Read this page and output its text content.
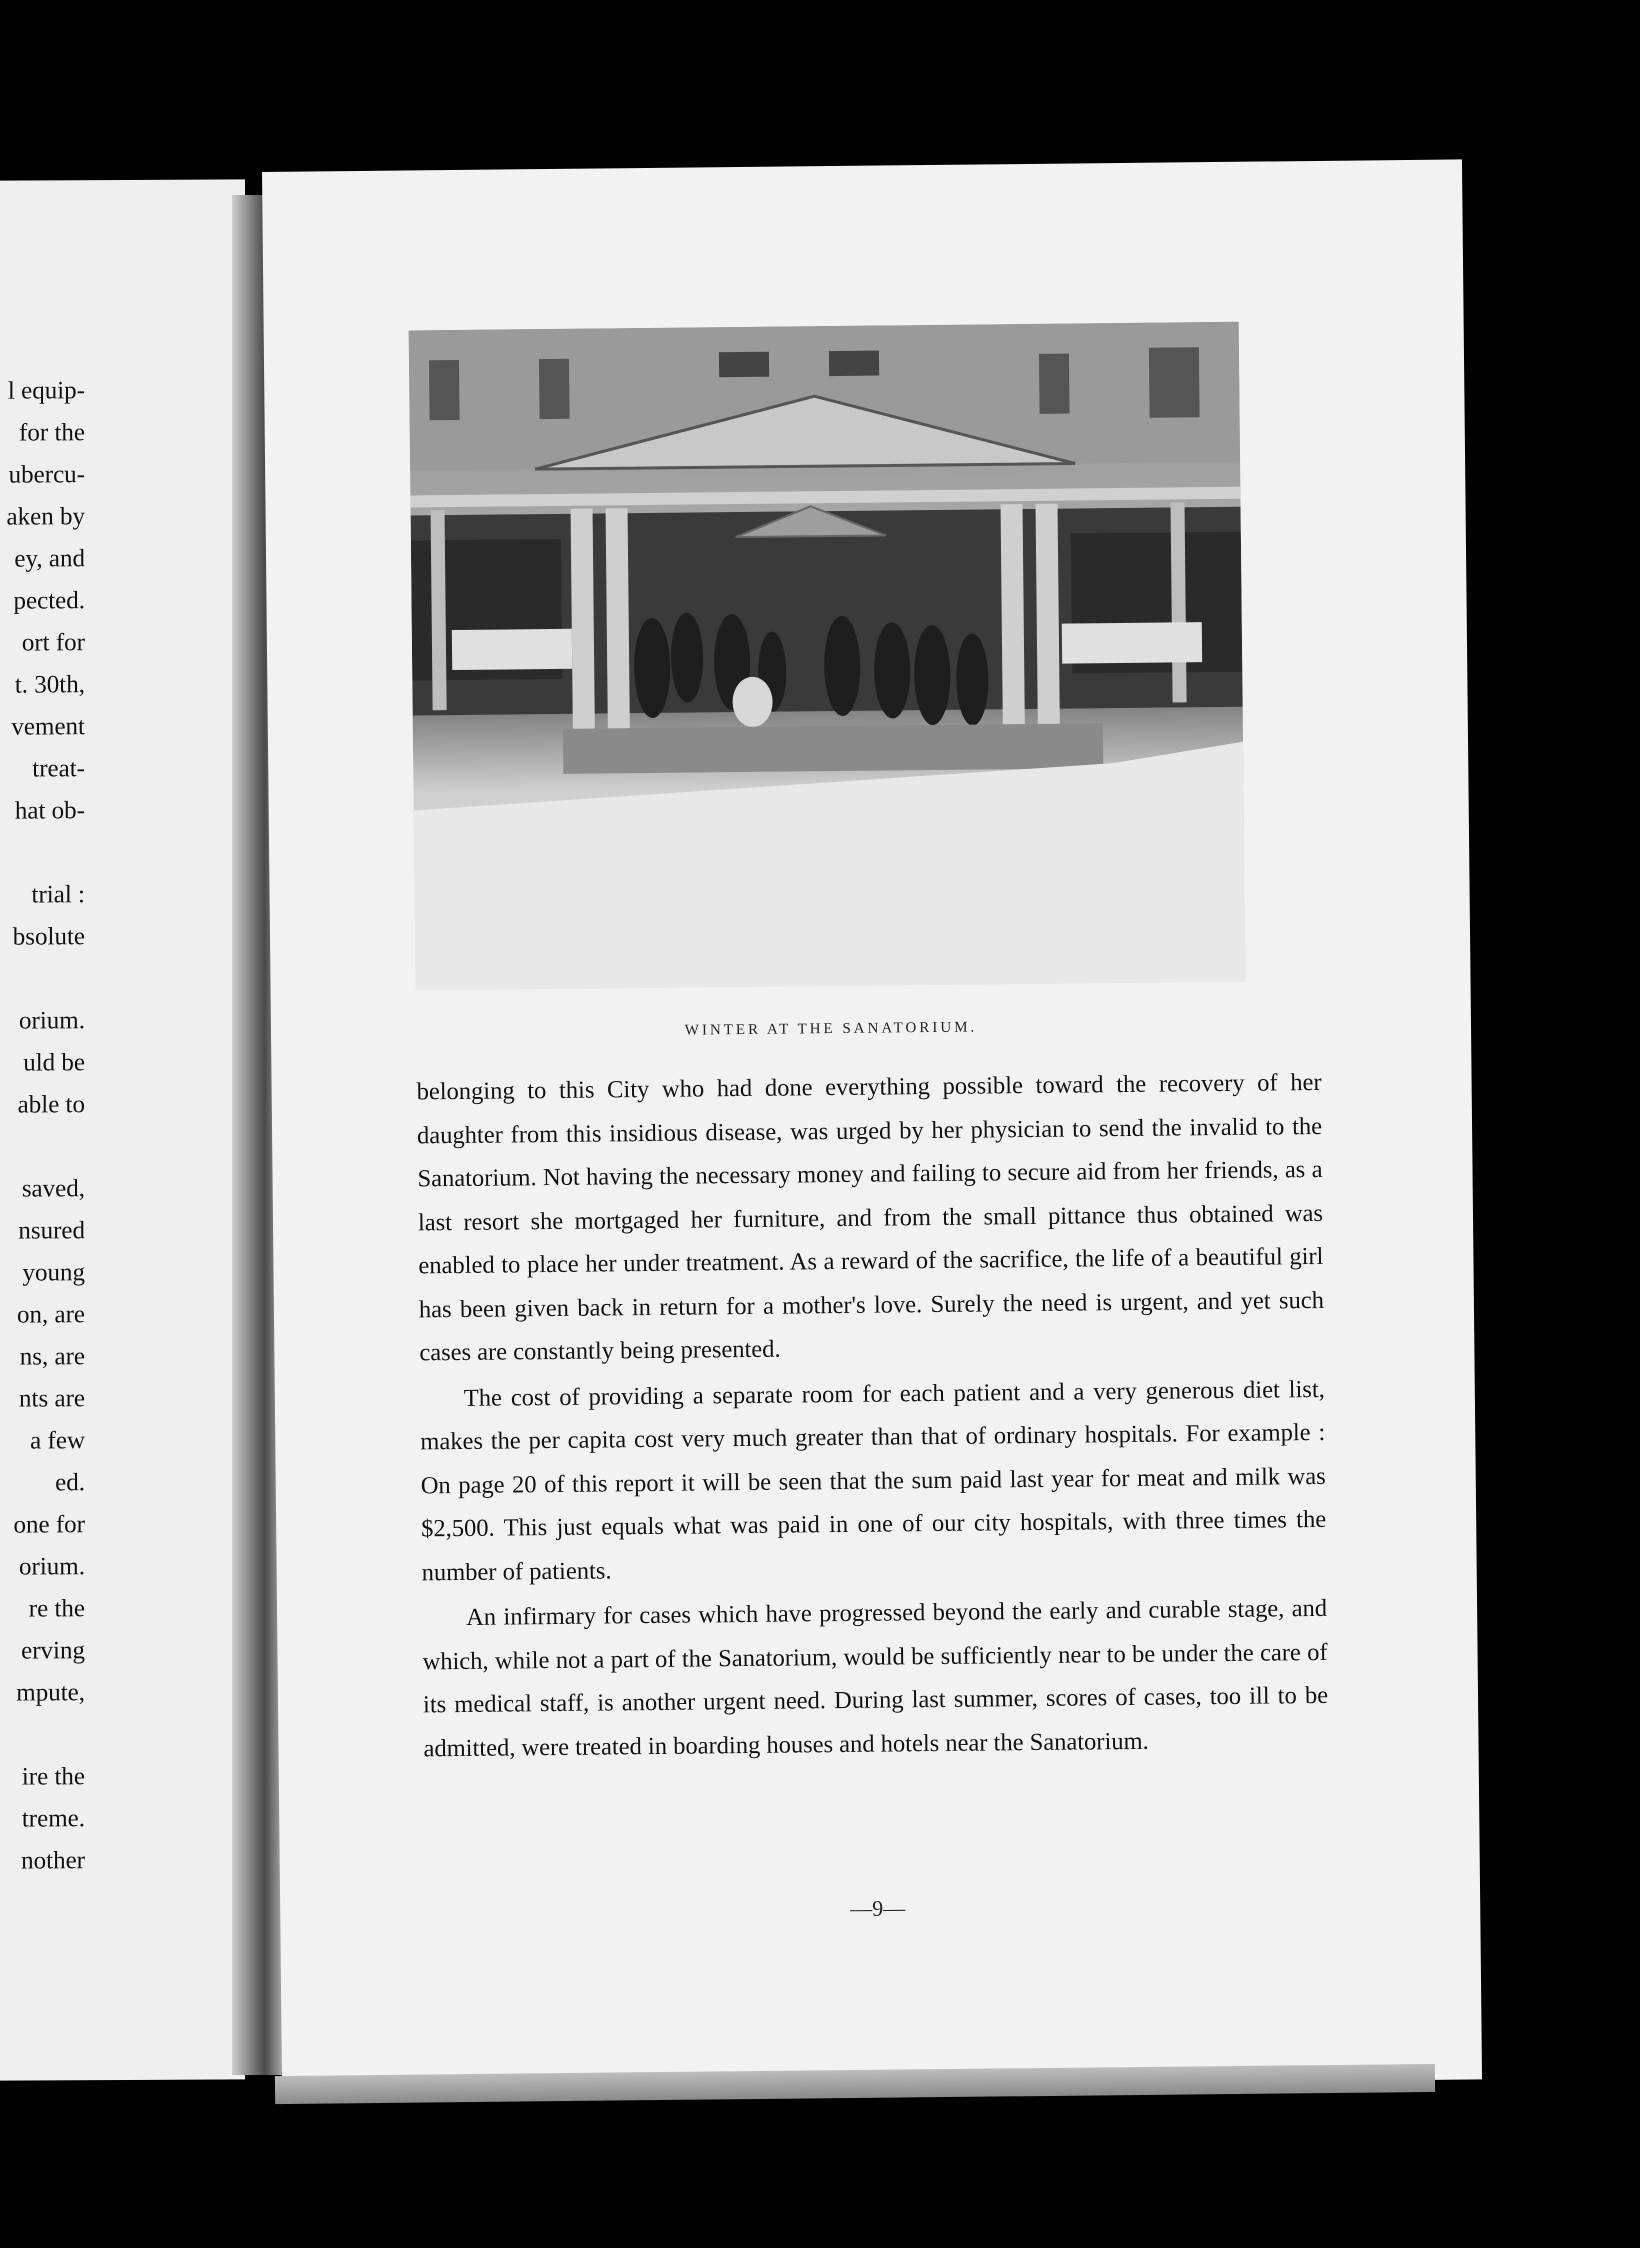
l equip-
for the
ubercu-
aken by
ey, and
pected.
ort for
t. 30th,
vement
treat-
hat ob-
trial :
bsolute
orium.
uld be
able to
saved,
nsured
young
on, are
ns, are
nts are
a few
ed.
one for
orium.
re the
erving
mpute,
ire the
treme.
nother
WINTER AT THE SANATORIUM.

belonging to this City who had done everything possible toward the recovery of her daughter from this insidious disease, was urged by her physician to send the invalid to the Sanatorium. Not having the necessary money and failing to secure aid from her friends, as a last resort she mortgaged her furniture, and from the small pittance thus obtained was enabled to place her under treatment. As a reward of the sacrifice, the life of a beautiful girl has been given back in return for a mother's love. Surely the need is urgent, and yet such cases are constantly being presented.

The cost of providing a separate room for each patient and a very generous diet list, makes the per capita cost very much greater than that of ordinary hospitals. For example : On page 20 of this report it will be seen that the sum paid last year for meat and milk was $2,500. This just equals what was paid in one of our city hospitals, with three times the number of patients.

An infirmary for cases which have progressed beyond the early and curable stage, and which, while not a part of the Sanatorium, would be sufficiently near to be under the care of its medical staff, is another urgent need. During last summer, scores of cases, too ill to be admitted, were treated in boarding houses and hotels near the Sanatorium.

—9—
